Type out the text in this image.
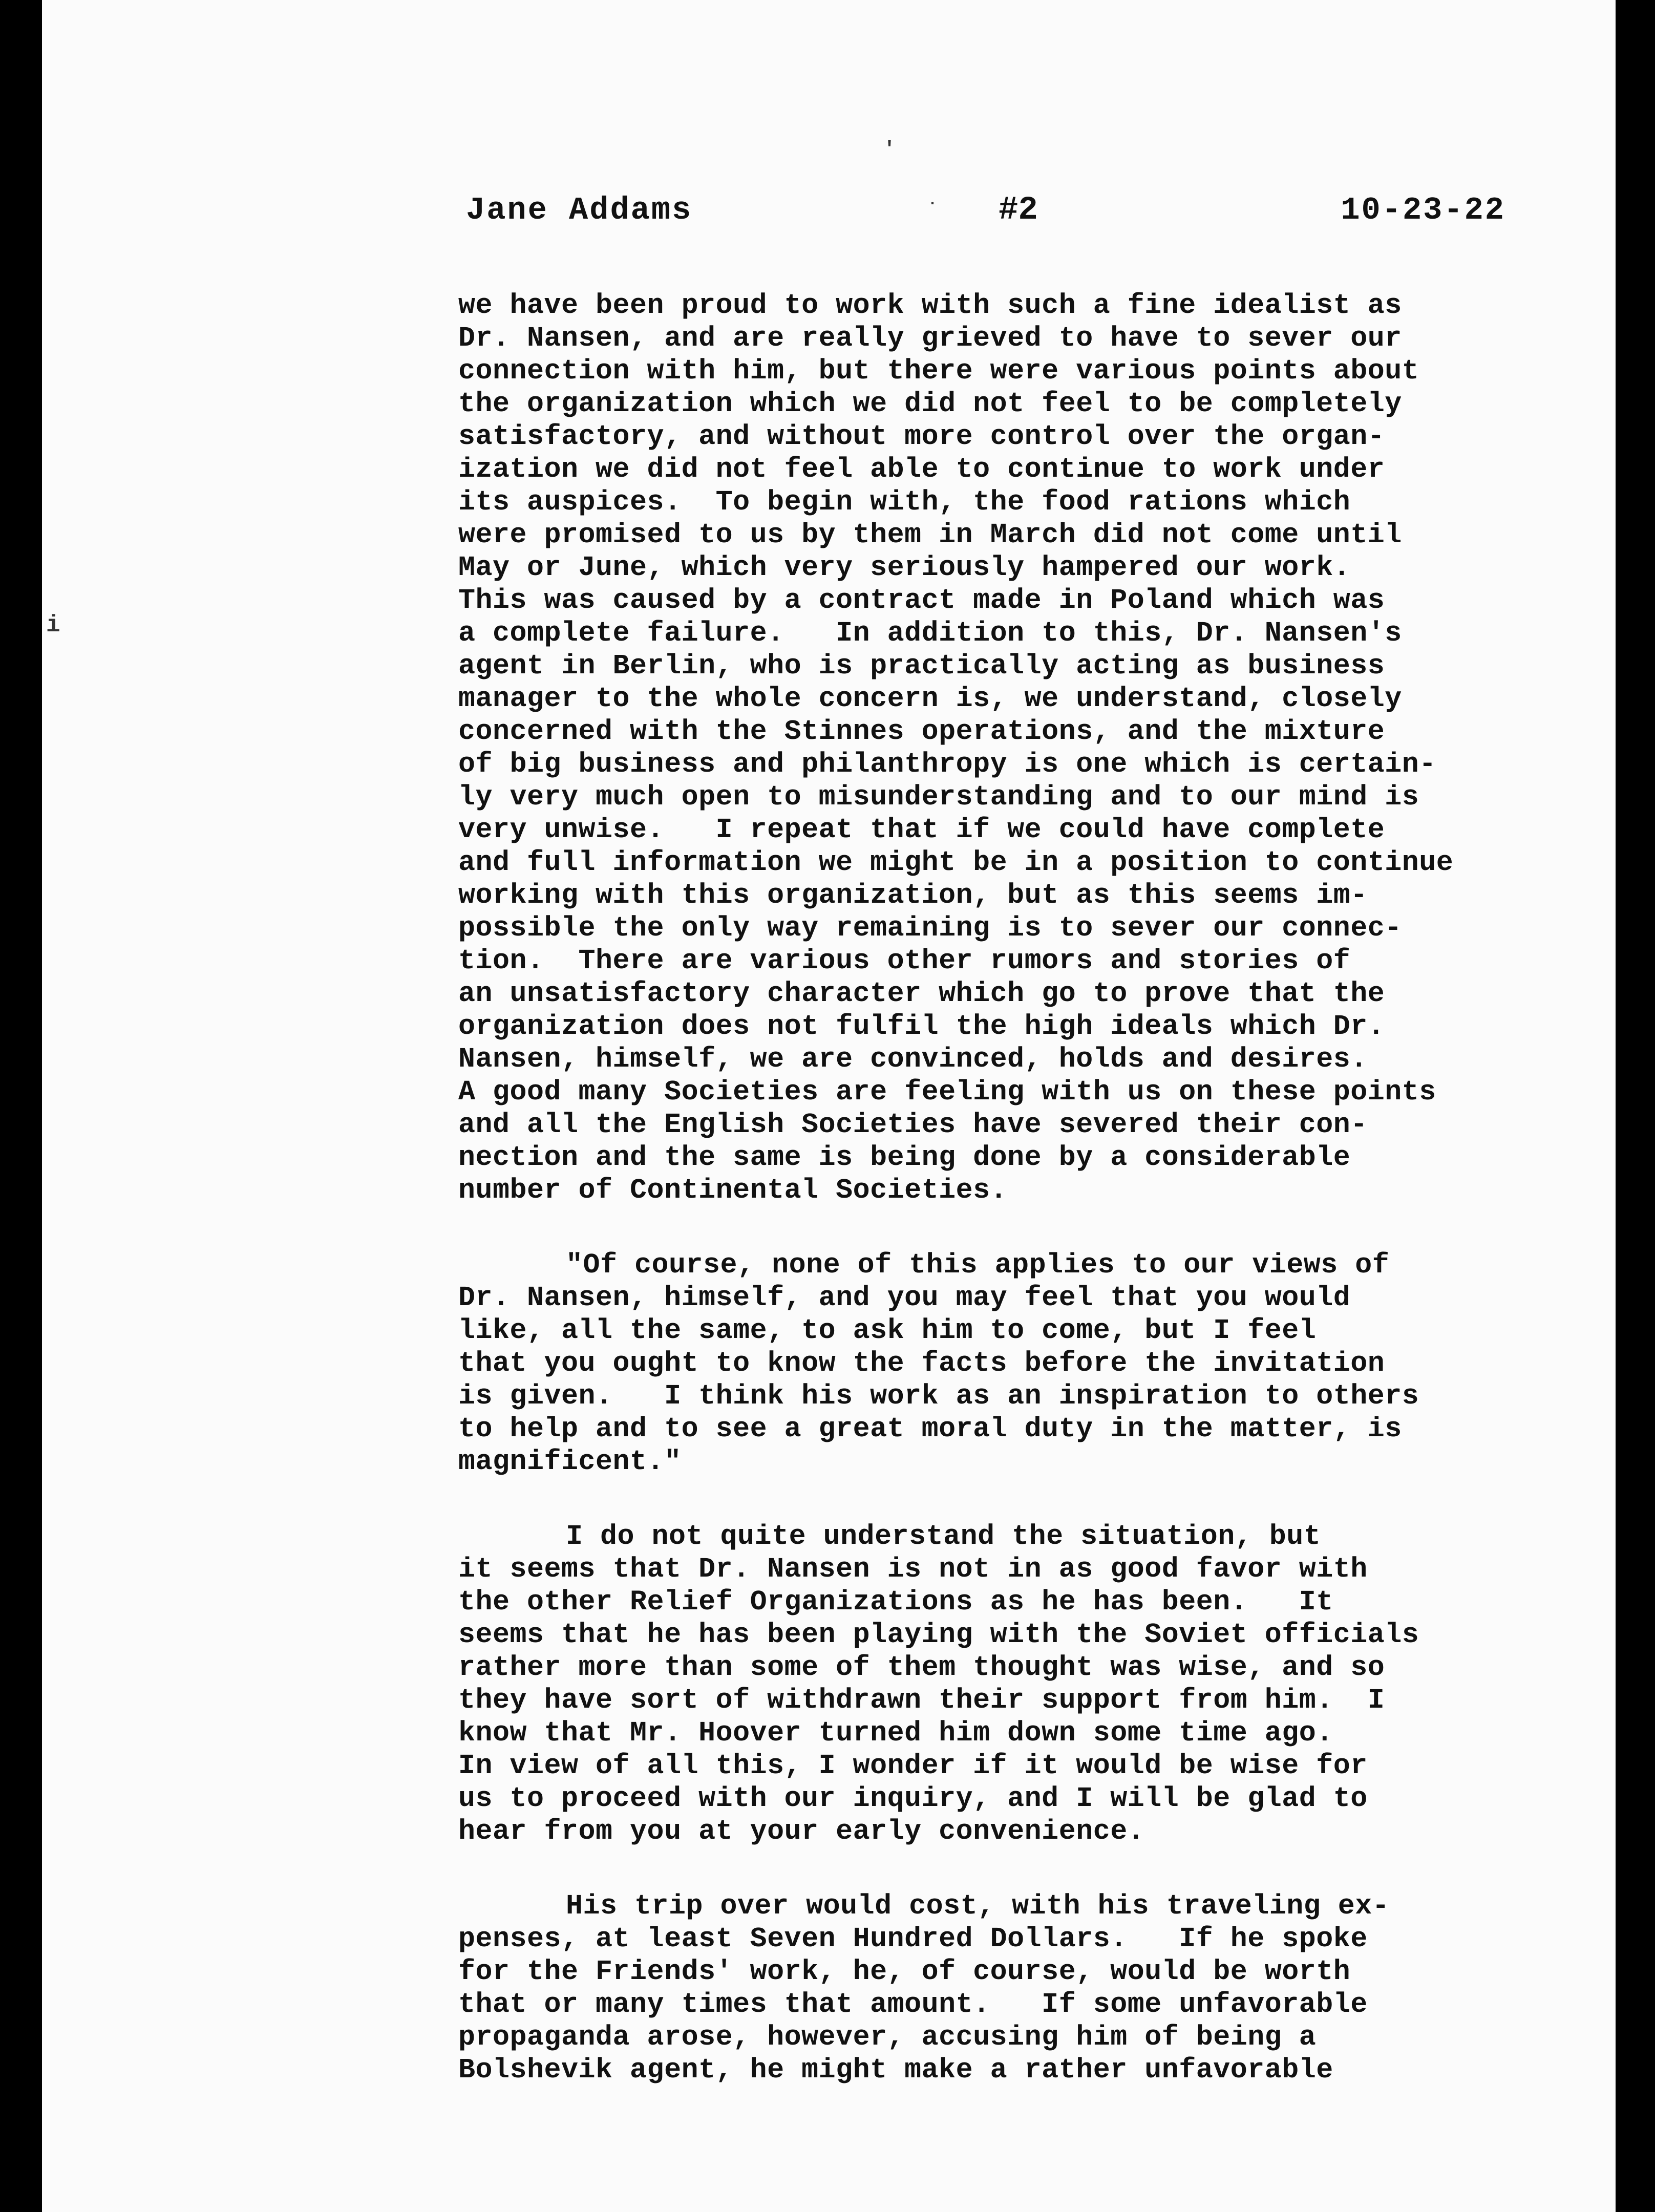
'
i
.
Jane Addams	#2	10-23-22
we have been proud to work with such a fine idealist as
Dr. Nansen, and are really grieved to have to sever our
connection with him, but there were various points about
the organization which we did not feel to be completely
satisfactory, and without more control over the organ-
ization we did not feel able to continue to work under
its auspices.  To begin with, the food rations which
were promised to us by them in March did not come until
May or June, which very seriously hampered our work.
This was caused by a contract made in Poland which was
a complete failure.   In addition to this, Dr. Nansen's
agent in Berlin, who is practically acting as business
manager to the whole concern is, we understand, closely
concerned with the Stinnes operations, and the mixture
of big business and philanthropy is one which is certain-
ly very much open to misunderstanding and to our mind is
very unwise.   I repeat that if we could have complete
and full information we might be in a position to continue
working with this organization, but as this seems im-
possible the only way remaining is to sever our connec-
tion.  There are various other rumors and stories of
an unsatisfactory character which go to prove that the
organization does not fulfil the high ideals which Dr.
Nansen, himself, we are convinced, holds and desires.
A good many Societies are feeling with us on these points
and all the English Societies have severed their con-
nection and the same is being done by a considerable
number of Continental Societies.
"Of course, none of this applies to our views of
Dr. Nansen, himself, and you may feel that you would
like, all the same, to ask him to come, but I feel
that you ought to know the facts before the invitation
is given.   I think his work as an inspiration to others
to help and to see a great moral duty in the matter, is
magnificent."
I do not quite understand the situation, but
it seems that Dr. Nansen is not in as good favor with
the other Relief Organizations as he has been.   It
seems that he has been playing with the Soviet officials
rather more than some of them thought was wise, and so
they have sort of withdrawn their support from him.  I
know that Mr. Hoover turned him down some time ago.
In view of all this, I wonder if it would be wise for
us to proceed with our inquiry, and I will be glad to
hear from you at your early convenience.
His trip over would cost, with his traveling ex-
penses, at least Seven Hundred Dollars.   If he spoke
for the Friends' work, he, of course, would be worth
that or many times that amount.   If some unfavorable
propaganda arose, however, accusing him of being a
Bolshevik agent, he might make a rather unfavorable
